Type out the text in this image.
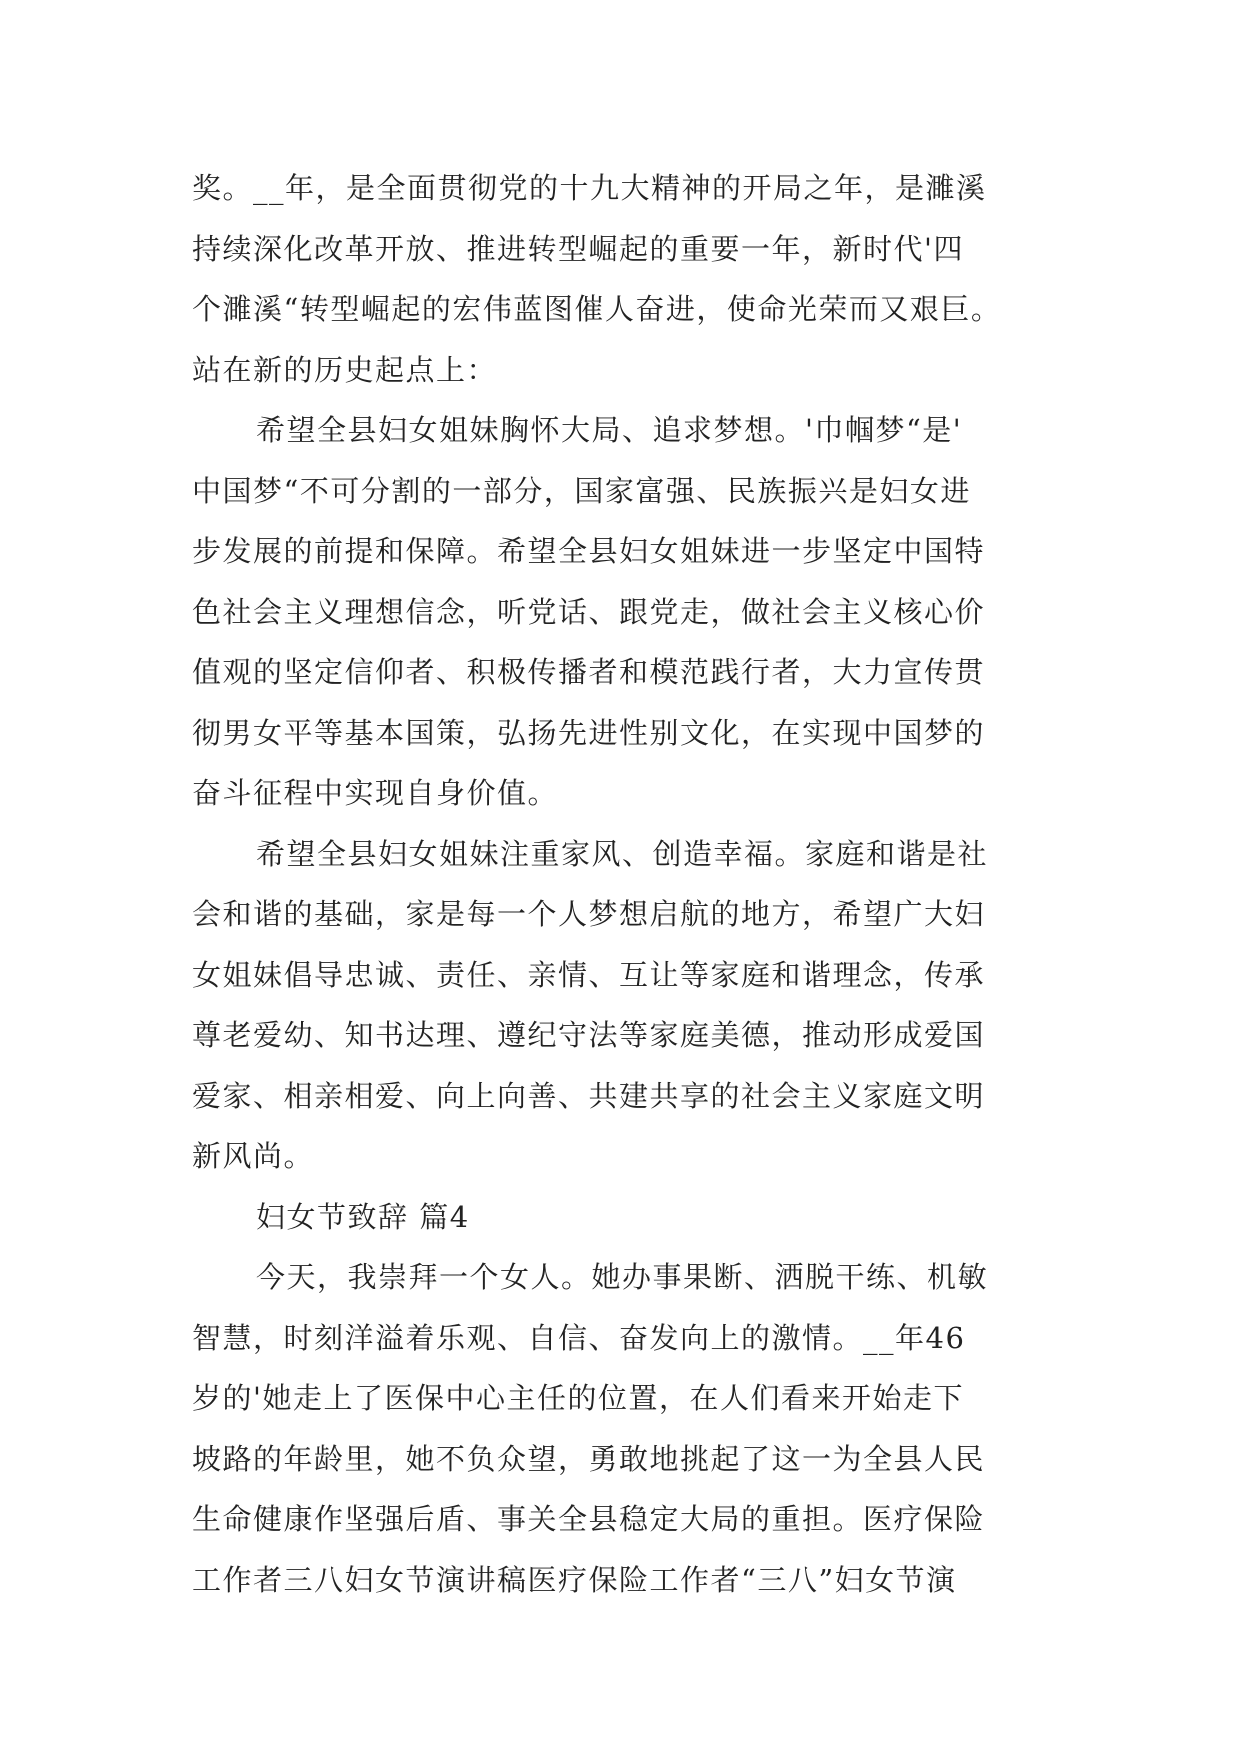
奖。__年，是全面贯彻党的十九大精神的开局之年，是濉溪
持续深化改革开放、推进转型崛起的重要一年，新时代'四
个濉溪“转型崛起的宏伟蓝图催人奋进，使命光荣而又艰巨。
站在新的历史起点上：
希望全县妇女姐妹胸怀大局、追求梦想。'巾帼梦“是'
中国梦“不可分割的一部分，国家富强、民族振兴是妇女进
步发展的前提和保障。希望全县妇女姐妹进一步坚定中国特
色社会主义理想信念，听党话、跟党走，做社会主义核心价
值观的坚定信仰者、积极传播者和模范践行者，大力宣传贯
彻男女平等基本国策，弘扬先进性别文化，在实现中国梦的
奋斗征程中实现自身价值。
希望全县妇女姐妹注重家风、创造幸福。家庭和谐是社
会和谐的基础，家是每一个人梦想启航的地方，希望广大妇
女姐妹倡导忠诚、责任、亲情、互让等家庭和谐理念，传承
尊老爱幼、知书达理、遵纪守法等家庭美德，推动形成爱国
爱家、相亲相爱、向上向善、共建共享的社会主义家庭文明
新风尚。
妇女节致辞 篇4
今天，我崇拜一个女人。她办事果断、洒脱干练、机敏
智慧，时刻洋溢着乐观、自信、奋发向上的激情。__年46
岁的'她走上了医保中心主任的位置，在人们看来开始走下
坡路的年龄里，她不负众望，勇敢地挑起了这一为全县人民
生命健康作坚强后盾、事关全县稳定大局的重担。医疗保险
工作者三八妇女节演讲稿医疗保险工作者“三八”妇女节演
